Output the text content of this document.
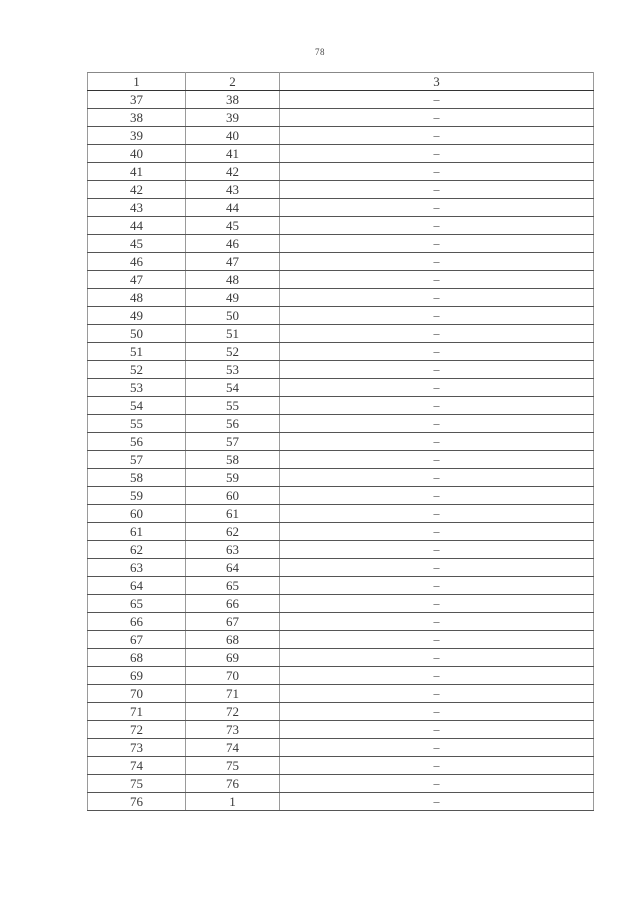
78
1	2	3
37	38	–
38	39	–
39	40	–
40	41	–
41	42	–
42	43	–
43	44	–
44	45	–
45	46	–
46	47	–
47	48	–
48	49	–
49	50	–
50	51	–
51	52	–
52	53	–
53	54	–
54	55	–
55	56	–
56	57	–
57	58	–
58	59	–
59	60	–
60	61	–
61	62	–
62	63	–
63	64	–
64	65	–
65	66	–
66	67	–
67	68	–
68	69	–
69	70	–
70	71	–
71	72	–
72	73	–
73	74	–
74	75	–
75	76	–
76	1	–
